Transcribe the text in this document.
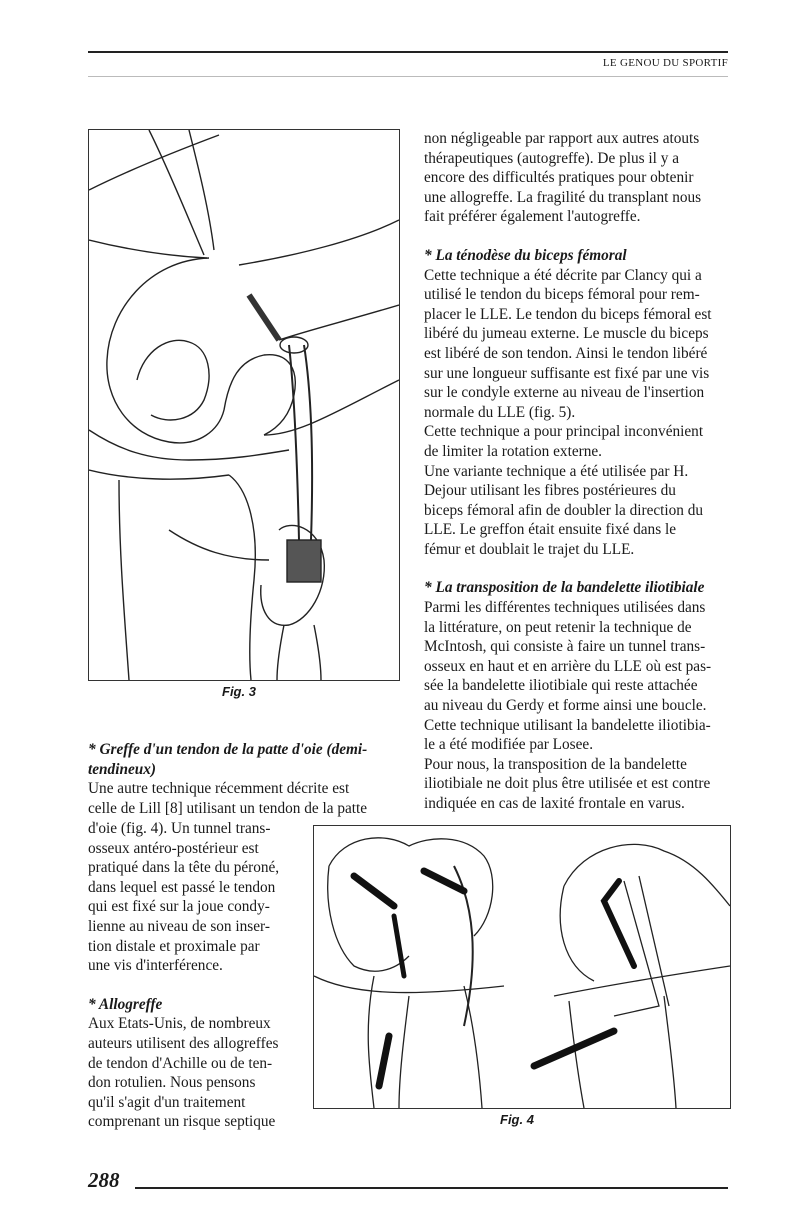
LE GENOU DU SPORTIF
Fig. 3

non négligeable par rapport aux autres atouts
thérapeutiques (autogreffe). De plus il y a
encore des difficultés pratiques pour obtenir
une allogreffe. La fragilité du transplant nous
fait préférer également l'autogreffe.

* La ténodèse du biceps fémoral

Cette technique a été décrite par Clancy qui a
utilisé le tendon du biceps fémoral pour rem-
placer le LLE. Le tendon du biceps fémoral est
libéré du jumeau externe. Le muscle du biceps
est libéré de son tendon. Ainsi le tendon libéré
sur une longueur suffisante est fixé par une vis
sur le condyle externe au niveau de l'insertion
normale du LLE (fig. 5).
Cette technique a pour principal inconvénient
de limiter la rotation externe.
Une variante technique a été utilisée par H.
Dejour utilisant les fibres postérieures du
biceps fémoral afin de doubler la direction du
LLE. Le greffon était ensuite fixé dans le
fémur et doublait le trajet du LLE.

* La transposition de la bandelette iliotibiale

Parmi les différentes techniques utilisées dans
la littérature, on peut retenir la technique de
McIntosh, qui consiste à faire un tunnel trans-
osseux en haut et en arrière du LLE où est pas-
sée la bandelette iliotibiale qui reste attachée
au niveau du Gerdy et forme ainsi une boucle.
Cette technique utilisant la bandelette iliotibia-
le a été modifiée par Losee.
Pour nous, la transposition de la bandelette
iliotibiale ne doit plus être utilisée et est contre
indiquée en cas de laxité frontale en varus.

* Greffe d'un tendon de la patte d'oie (demi-
tendineux)

Une autre technique récemment décrite est
celle de Lill [8] utilisant un tendon de la patte

d'oie (fig. 4). Un tunnel trans-
osseux antéro-postérieur est
pratiqué dans la tête du péroné,
dans lequel est passé le tendon
qui est fixé sur la joue condy-
lienne au niveau de son inser-
tion distale et proximale par
une vis d'interférence.

* Allogreffe

Aux Etats-Unis, de nombreux
auteurs utilisent des allogreffes
de tendon d'Achille ou de ten-
don rotulien. Nous pensons
qu'il s'agit d'un traitement
comprenant un risque septique	Fig. 4
288
